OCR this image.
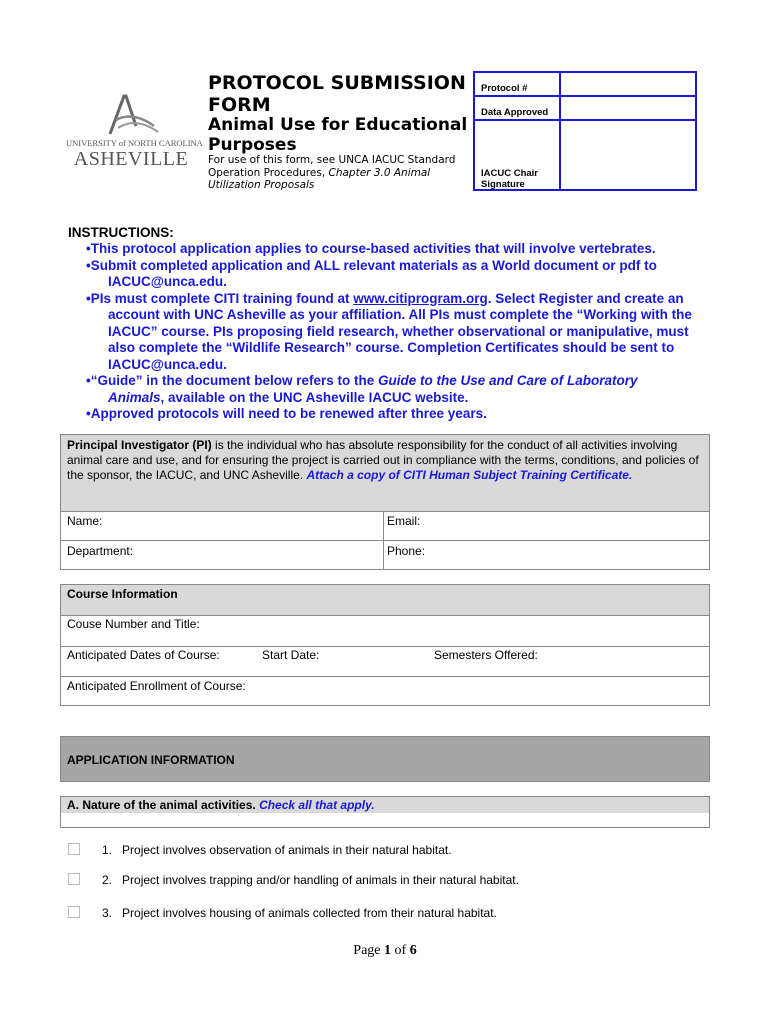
UNIVERSITY of NORTH CAROLINA
ASHEVILLE
PROTOCOL SUBMISSION
FORM
Animal Use for Educational
Purposes
For use of this form, see UNCA IACUC Standard Operation Procedures, Chapter 3.0 Animal Utilization Proposals
Protocol #
Data Approved
IACUC Chair
Signature
INSTRUCTIONS:
•This protocol application applies to course-based activities that will involve vertebrates.
•Submit completed application and ALL relevant materials as a World document or pdf to
IACUC@unca.edu.
•PIs must complete CITI training found at www.citiprogram.org. Select Register and create an
account with UNC Asheville as your affiliation. All PIs must complete the “Working with the
IACUC” course. PIs proposing field research, whether observational or manipulative, must
also complete the “Wildlife Research” course. Completion Certificates should be sent to
IACUC@unca.edu.
•“Guide” in the document below refers to the Guide to the Use and Care of Laboratory
Animals, available on the UNC Asheville IACUC website.
•Approved protocols will need to be renewed after three years.
Principal Investigator (PI) is the individual who has absolute responsibility for the conduct of all activities involving animal care and use, and for ensuring the project is carried out in compliance with the terms, conditions, and policies of the sponsor, the IACUC, and UNC Asheville. Attach a copy of CITI Human Subject Training Certificate.
Name:	Email:
Department:	Phone:
Course Information
Couse Number and Title:
Anticipated Dates of Course:	Start Date:	Semesters Offered:
Anticipated Enrollment of Course:
APPLICATION INFORMATION
A. Nature of the animal activities. Check all that apply.
1. Project involves observation of animals in their natural habitat.
2. Project involves trapping and/or handling of animals in their natural habitat.
3. Project involves housing of animals collected from their natural habitat.
Page 1 of 6
